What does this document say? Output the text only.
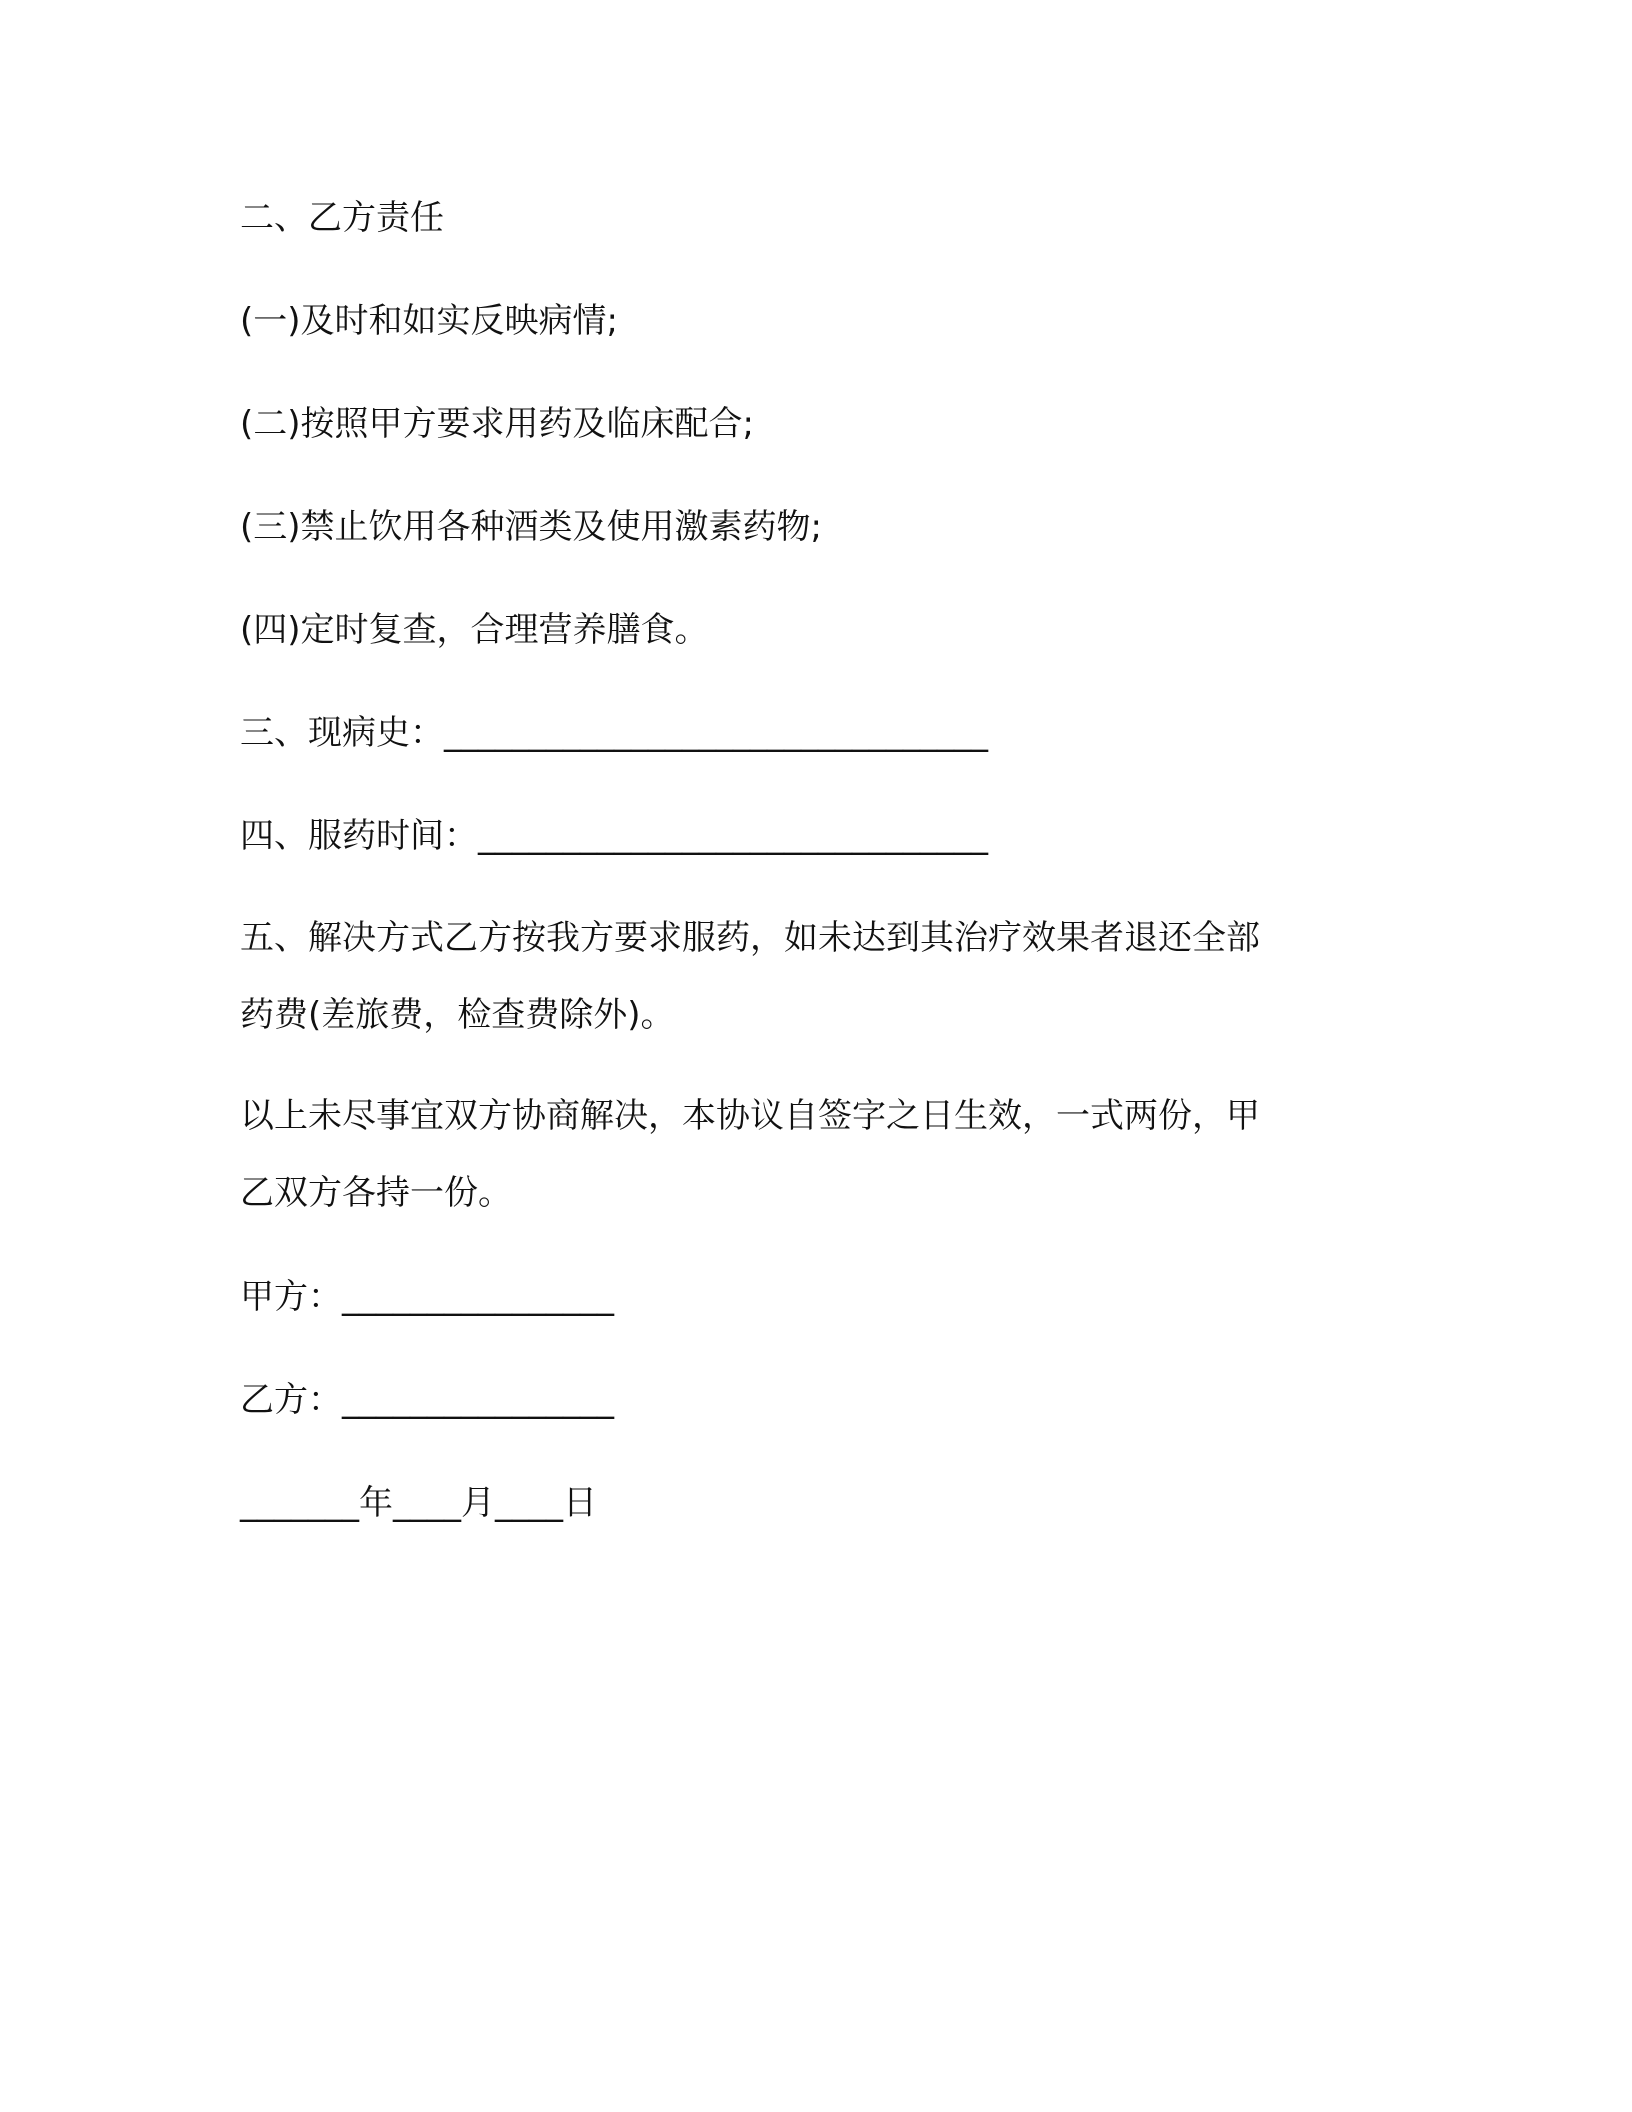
二、乙方责任
(一)及时和如实反映病情;
(二)按照甲方要求用药及临床配合;
(三)禁止饮用各种酒类及使用激素药物;
(四)定时复查，合理营养膳食。
三、现病史：________________________________
四、服药时间：______________________________
五、解决方式乙方按我方要求服药，如未达到其治疗效果者退还全部
药费(差旅费，检查费除外)。
以上未尽事宜双方协商解决，本协议自签字之日生效，一式两份，甲
乙双方各持一份。
甲方：________________
乙方：________________
_______年____月____日
